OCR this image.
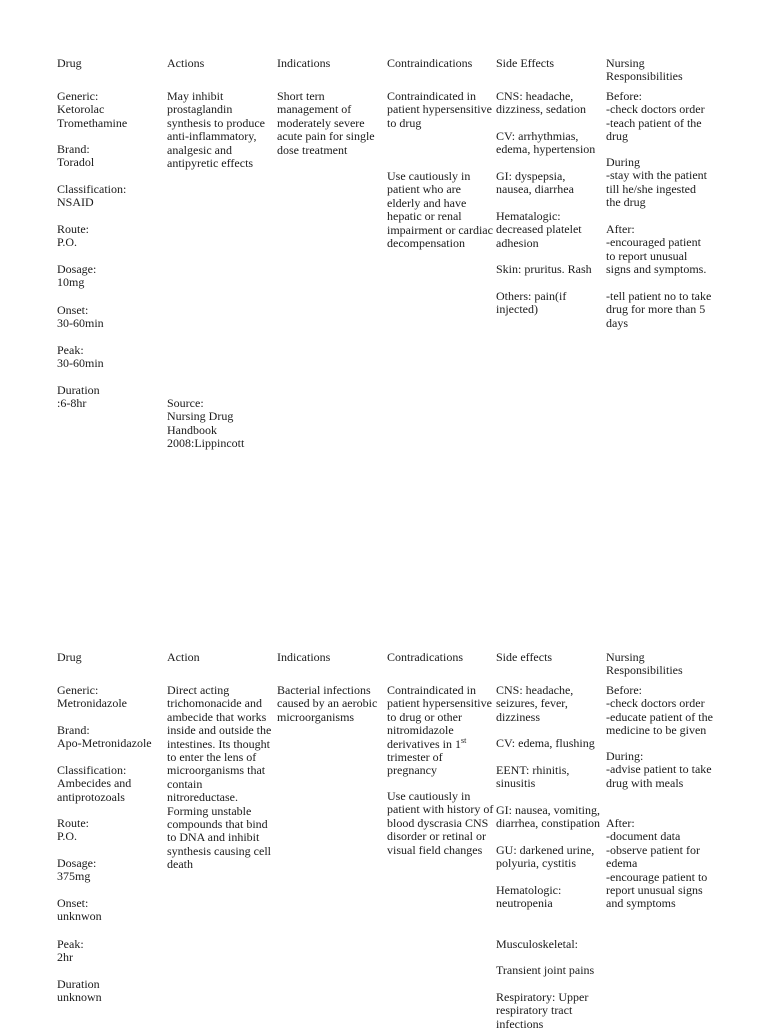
Drug
Generic:
Ketorolac
Tromethamine
Brand:
Toradol
Classification:
NSAID
Route:
P.O.
Dosage:
10mg
Onset:
30-60min
Peak:
30-60min
Duration
:6-8hr
Actions
May inhibit
prostaglandin
synthesis to produce
anti-inflammatory,
analgesic and
antipyretic effects
Source:
Nursing Drug
Handbook
2008:Lippincott
Indications
Short tern
management of
moderately severe
acute pain for single
dose treatment
Contraindications
Contraindicated in
patient hypersensitive
to drug
Use cautiously in
patient who are
elderly and have
hepatic or renal
impairment or cardiac
decompensation
Side Effects
CNS: headache,
dizziness, sedation
CV: arrhythmias,
edema, hypertension
GI: dyspepsia,
nausea, diarrhea
Hematalogic:
decreased platelet
adhesion
Skin: pruritus. Rash
Others: pain(if
injected)
Nursing Responsibilities
Before:
-check doctors order
-teach patient of the
drug
During
-stay with the patient
till he/she ingested
the drug
After:
-encouraged patient
to report unusual
signs and symptoms.
-tell patient no to take
drug for more than 5
days
Drug
Generic:
Metronidazole
Brand:
Apo-Metronidazole
Classification:
Ambecides and
antiprotozoals
Route:
P.O.
Dosage:
375mg
Onset:
unknwon
Peak:
2hr
Duration
unknown
Action
Direct acting
trichomonacide and
ambecide that works
inside and outside the
intestines. Its thought
to enter the lens of
microorganisms that
contain
nitroreductase.
Forming unstable
compounds that bind
to DNA and inhibit
synthesis causing cell
death
Indications
Bacterial infections
caused by an aerobic
microorganisms
Contradications
Contraindicated in
patient hypersensitive
to drug or other
nitromidazole
derivatives in 1st
trimester of
pregnancy
Use cautiously in
patient with history of
blood dyscrasia CNS
disorder or retinal or
visual field changes
Side effects
CNS: headache,
seizures, fever,
dizziness
CV: edema, flushing
EENT: rhinitis,
sinusitis
GI: nausea, vomiting,
diarrhea, constipation
GU: darkened urine,
polyuria, cystitis
Hematologic:
neutropenia
Musculoskeletal:
Transient joint pains
Respiratory: Upper
respiratory tract
infections
Nursing Responsibilities
Before:
-check doctors order
-educate patient of the
medicine to be given
During:
-advise patient to take
drug with meals
After:
-document data
-observe patient for
edema
-encourage patient to
report unusual signs
and symptoms
